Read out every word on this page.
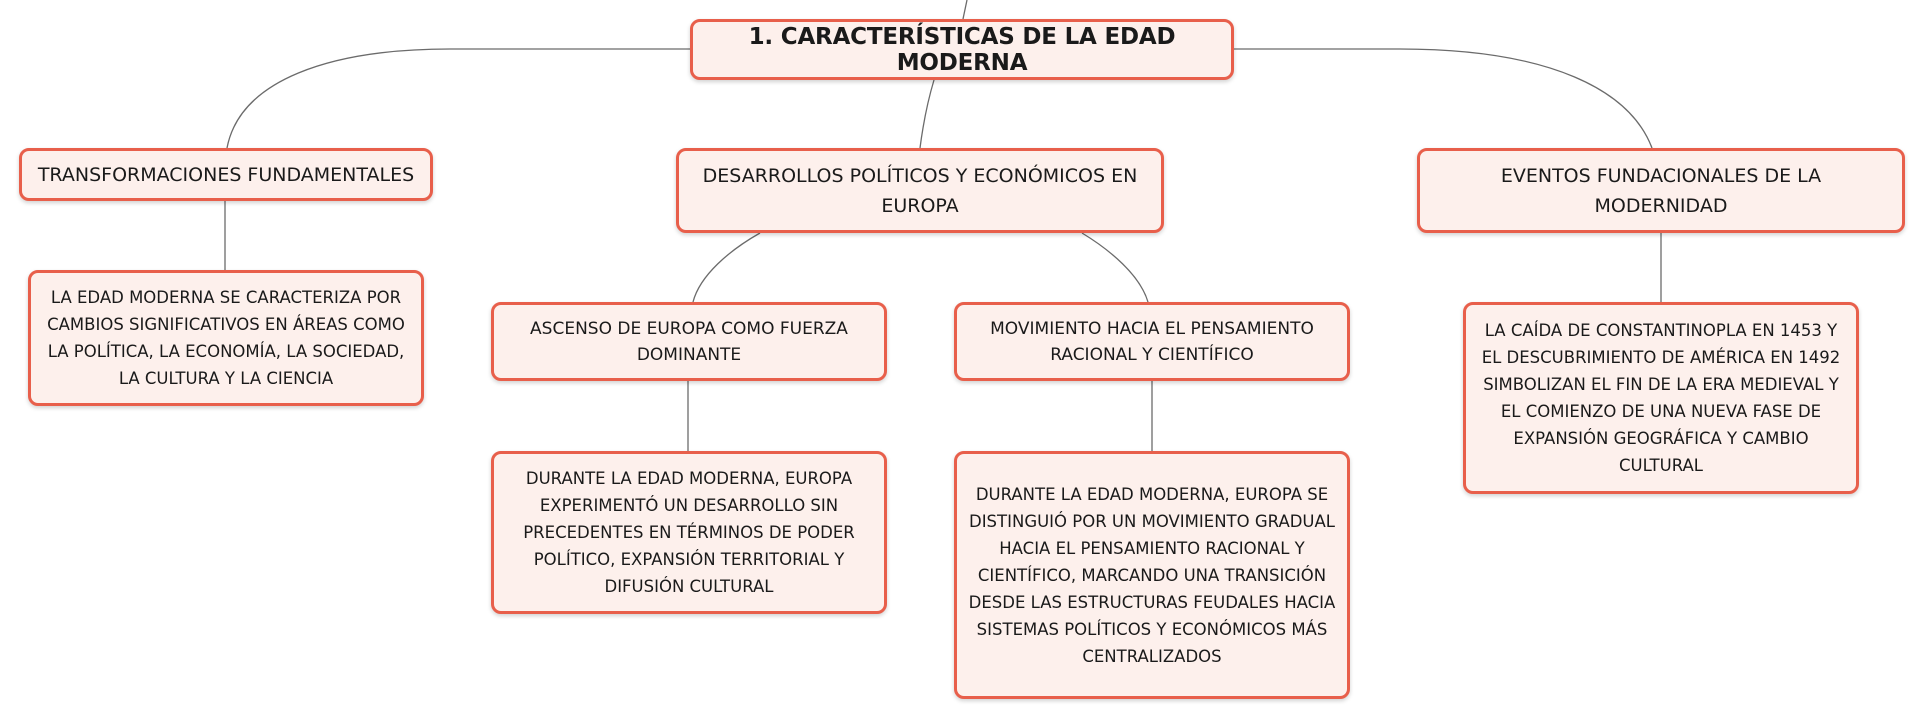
1. CARACTERÍSTICAS DE LA EDAD MODERNA
TRANSFORMACIONES FUNDAMENTALES
LA EDAD MODERNA SE CARACTERIZA POR CAMBIOS SIGNIFICATIVOS EN ÁREAS COMO LA POLÍTICA, LA ECONOMÍA, LA SOCIEDAD, LA CULTURA Y LA CIENCIA
DESARROLLOS POLÍTICOS Y ECONÓMICOS EN EUROPA
ASCENSO DE EUROPA COMO FUERZA DOMINANTE
DURANTE LA EDAD MODERNA, EUROPA EXPERIMENTÓ UN DESARROLLO SIN PRECEDENTES EN TÉRMINOS DE PODER POLÍTICO, EXPANSIÓN TERRITORIAL Y DIFUSIÓN CULTURAL
MOVIMIENTO HACIA EL PENSAMIENTO RACIONAL Y CIENTÍFICO
DURANTE LA EDAD MODERNA, EUROPA SE DISTINGUIÓ POR UN MOVIMIENTO GRADUAL HACIA EL PENSAMIENTO RACIONAL Y CIENTÍFICO, MARCANDO UNA TRANSICIÓN DESDE LAS ESTRUCTURAS FEUDALES HACIA SISTEMAS POLÍTICOS Y ECONÓMICOS MÁS CENTRALIZADOS
EVENTOS FUNDACIONALES DE LA MODERNIDAD
LA CAÍDA DE CONSTANTINOPLA EN 1453 Y EL DESCUBRIMIENTO DE AMÉRICA EN 1492 SIMBOLIZAN EL FIN DE LA ERA MEDIEVAL Y EL COMIENZO DE UNA NUEVA FASE DE EXPANSIÓN GEOGRÁFICA Y CAMBIO CULTURAL
